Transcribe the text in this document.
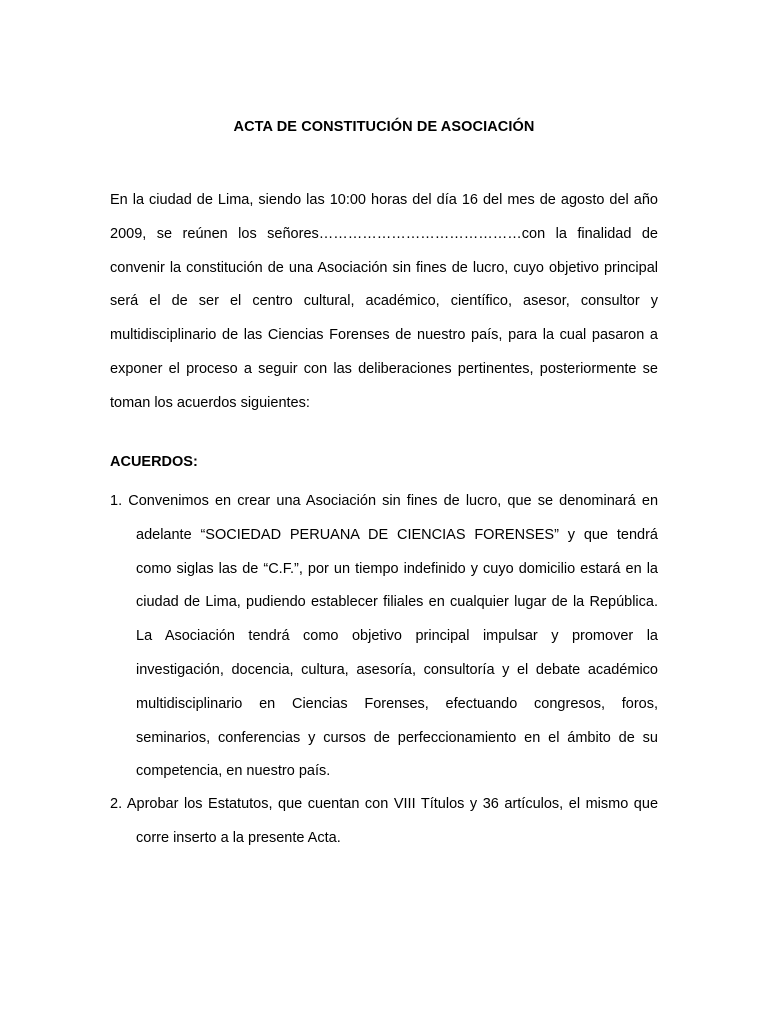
ACTA DE CONSTITUCIÓN DE ASOCIACIÓN

En la ciudad de Lima, siendo las 10:00 horas del día 16 del mes de agosto del año 2009, se reúnen los señores……………………………………con la finalidad de convenir la constitución de una Asociación sin fines de lucro, cuyo objetivo principal será el de ser el centro cultural, académico, científico, asesor, consultor y multidisciplinario de las Ciencias Forenses de nuestro país, para la cual pasaron a exponer el proceso a seguir con las deliberaciones pertinentes, posteriormente se toman los acuerdos siguientes:

ACUERDOS:

1. Convenimos en crear una Asociación sin fines de lucro, que se denominará en adelante “SOCIEDAD PERUANA DE CIENCIAS FORENSES” y que tendrá como siglas las de “C.F.”, por un tiempo indefinido y cuyo domicilio estará en la ciudad de Lima, pudiendo establecer filiales en cualquier lugar de la República. La Asociación tendrá como objetivo principal impulsar y promover la investigación, docencia, cultura, asesoría, consultoría y el debate académico multidisciplinario en Ciencias Forenses, efectuando congresos, foros, seminarios, conferencias y cursos de perfeccionamiento en el ámbito de su competencia, en nuestro país.

2. Aprobar los Estatutos, que cuentan con VIII Títulos y 36 artículos, el mismo que corre inserto a la presente Acta.
